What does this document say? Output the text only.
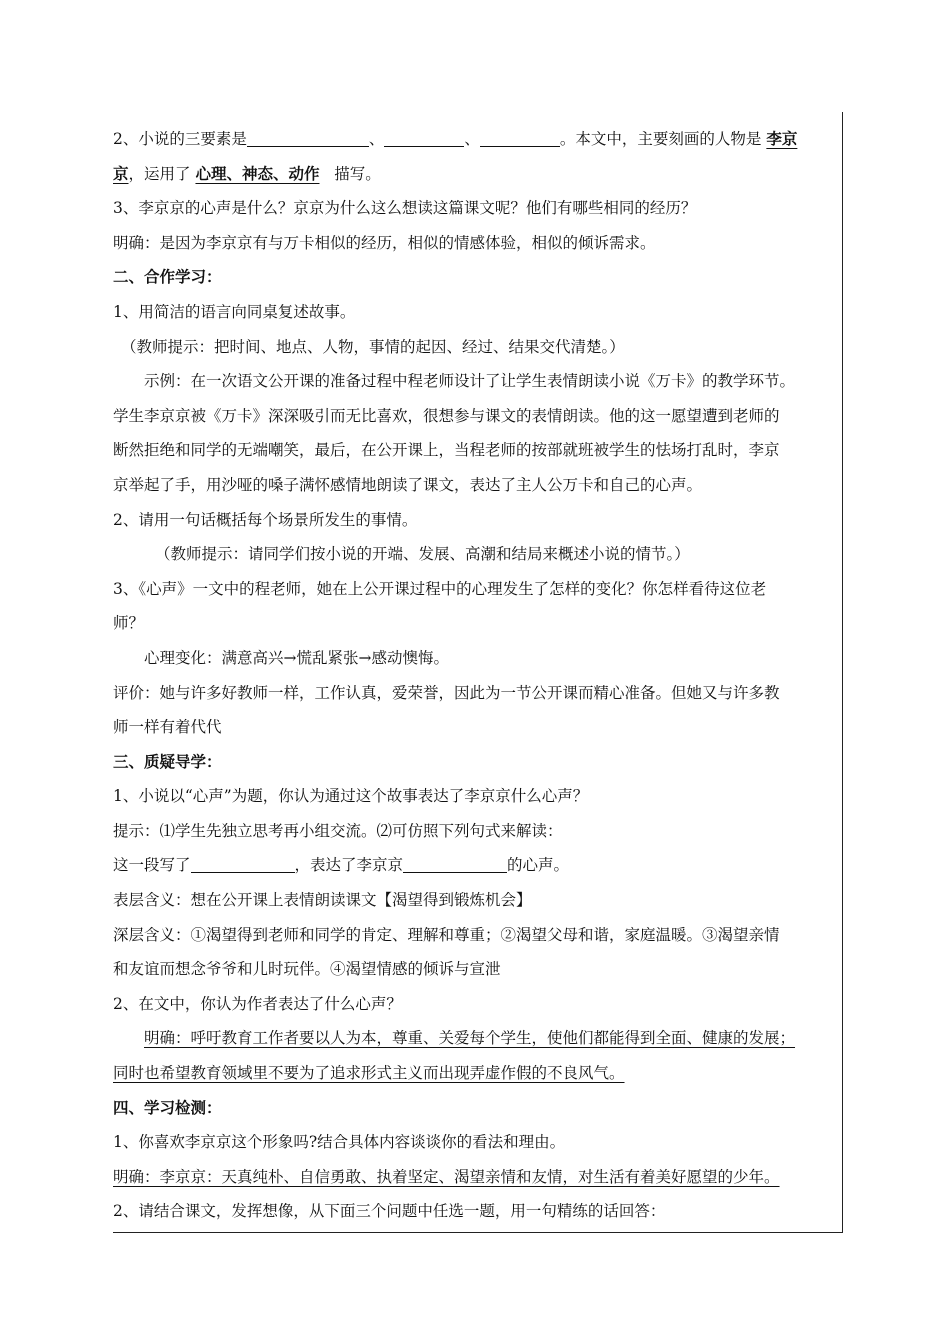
2、小说的三要素是	、	、	。本文中，主要刻画的人物是 李京
京，运用了 心理、神态、动作 描写。
3、李京京的心声是什么？京京为什么这么想读这篇课文呢？他们有哪些相同的经历？
明确：是因为李京京有与万卡相似的经历，相似的情感体验，相似的倾诉需求。
二、合作学习：
1、用简洁的语言向同桌复述故事。
（教师提示：把时间、地点、人物，事情的起因、经过、结果交代清楚。）
示例：在一次语文公开课的准备过程中程老师设计了让学生表情朗读小说《万卡》的教学环节。
学生李京京被《万卡》深深吸引而无比喜欢，很想参与课文的表情朗读。他的这一愿望遭到老师的
断然拒绝和同学的无端嘲笑，最后，在公开课上，当程老师的按部就班被学生的怯场打乱时，李京
京举起了手，用沙哑的嗓子满怀感情地朗读了课文，表达了主人公万卡和自己的心声。
2、请用一句话概括每个场景所发生的事情。
（教师提示：请同学们按小说的开端、发展、高潮和结局来概述小说的情节。）
3、《心声》一文中的程老师，她在上公开课过程中的心理发生了怎样的变化？你怎样看待这位老
师？
心理变化：满意高兴→慌乱紧张→感动懊悔。
评价：她与许多好教师一样，工作认真，爱荣誉，因此为一节公开课而精心准备。但她又与许多教
师一样有着代代
三、质疑导学：
1、小说以“心声”为题，你认为通过这个故事表达了李京京什么心声？
提示：⑴学生先独立思考再小组交流。⑵可仿照下列句式来解读：
这一段写了	，表达了李京京	的心声。
表层含义：想在公开课上表情朗读课文【渴望得到锻炼机会】
深层含义：①渴望得到老师和同学的肯定、理解和尊重；②渴望父母和谐，家庭温暖。③渴望亲情
和友谊而想念爷爷和儿时玩伴。④渴望情感的倾诉与宣泄
2、在文中，你认为作者表达了什么心声？
明确：呼吁教育工作者要以人为本，尊重、关爱每个学生，使他们都能得到全面、健康的发展；
同时也希望教育领域里不要为了追求形式主义而出现弄虚作假的不良风气。
四、学习检测：
1、你喜欢李京京这个形象吗?结合具体内容谈谈你的看法和理由。
明确：李京京：天真纯朴、自信勇敢、执着坚定、渴望亲情和友情，对生活有着美好愿望的少年。
2、请结合课文，发挥想像，从下面三个问题中任选一题，用一句精练的话回答：
